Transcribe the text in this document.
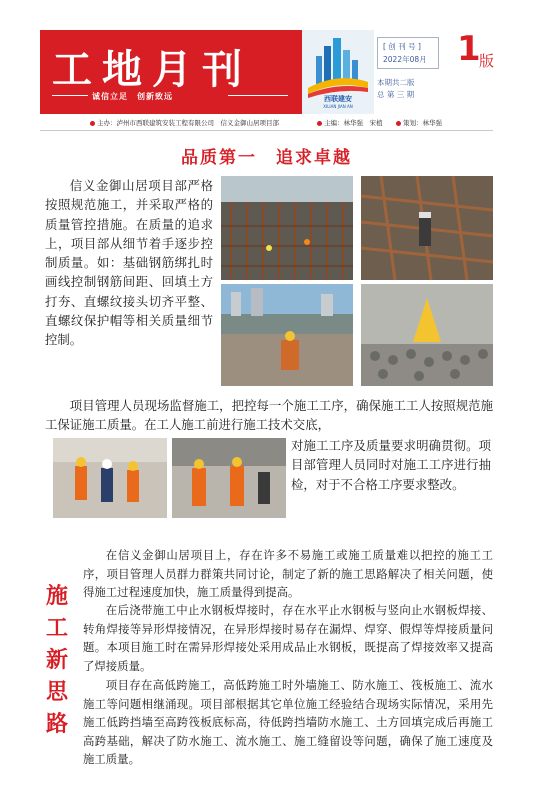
工地月刊
诚信立足　创新致远	西联建安
XILIAN JIAN AN
[ 创 刊 号 ]
2022年08月 1
版
本期共二版
总 第 三 期
主办：泸州市西联建筑安装工程有限公司　信义金御山居项目部	主编：林华强　宋植	策划：林华强
品质第一　追求卓越
信义金御山居项目部严格按照规范施工，并采取严格的质量管控措施。在质量的追求上，项目部从细节着手逐步控制质量。如：基础钢筋绑扎时画线控制钢筋间距、回填土方打夯、直螺纹接头切齐平整、直螺纹保护帽等相关质量细节控制。
项目管理人员现场监督施工，把控每一个施工工序，确保施工工人按照规范施工保证施工质量。在工人施工前进行施工技术交底，
对施工工序及质量要求明确贯彻。项目部管理人员同时对施工工序进行抽检，对于不合格工序要求整改。
施
工
新
思
路
在信义金御山居项目上，存在许多不易施工或施工质量难以把控的施工工序，项目管理人员群力群策共同讨论，制定了新的施工思路解决了相关问题，使得施工过程速度加快，施工质量得到提高。
在后浇带施工中止水钢板焊接时，存在水平止水钢板与竖向止水钢板焊接、转角焊接等异形焊接情况，在异形焊接时易存在漏焊、焊穿、假焊等焊接质量问题。本项目施工时在需异形焊接处采用成品止水钢板，既提高了焊接效率又提高了焊接质量。
项目存在高低跨施工，高低跨施工时外墙施工、防水施工、筏板施工、流水施工等问题相继涌现。项目部根据其它单位施工经验结合现场实际情况，采用先施工低跨挡墙至高跨筏板底标高，待低跨挡墙防水施工、土方回填完成后再施工高跨基础，解决了防水施工、流水施工、施工缝留设等问题，确保了施工速度及施工质量。
